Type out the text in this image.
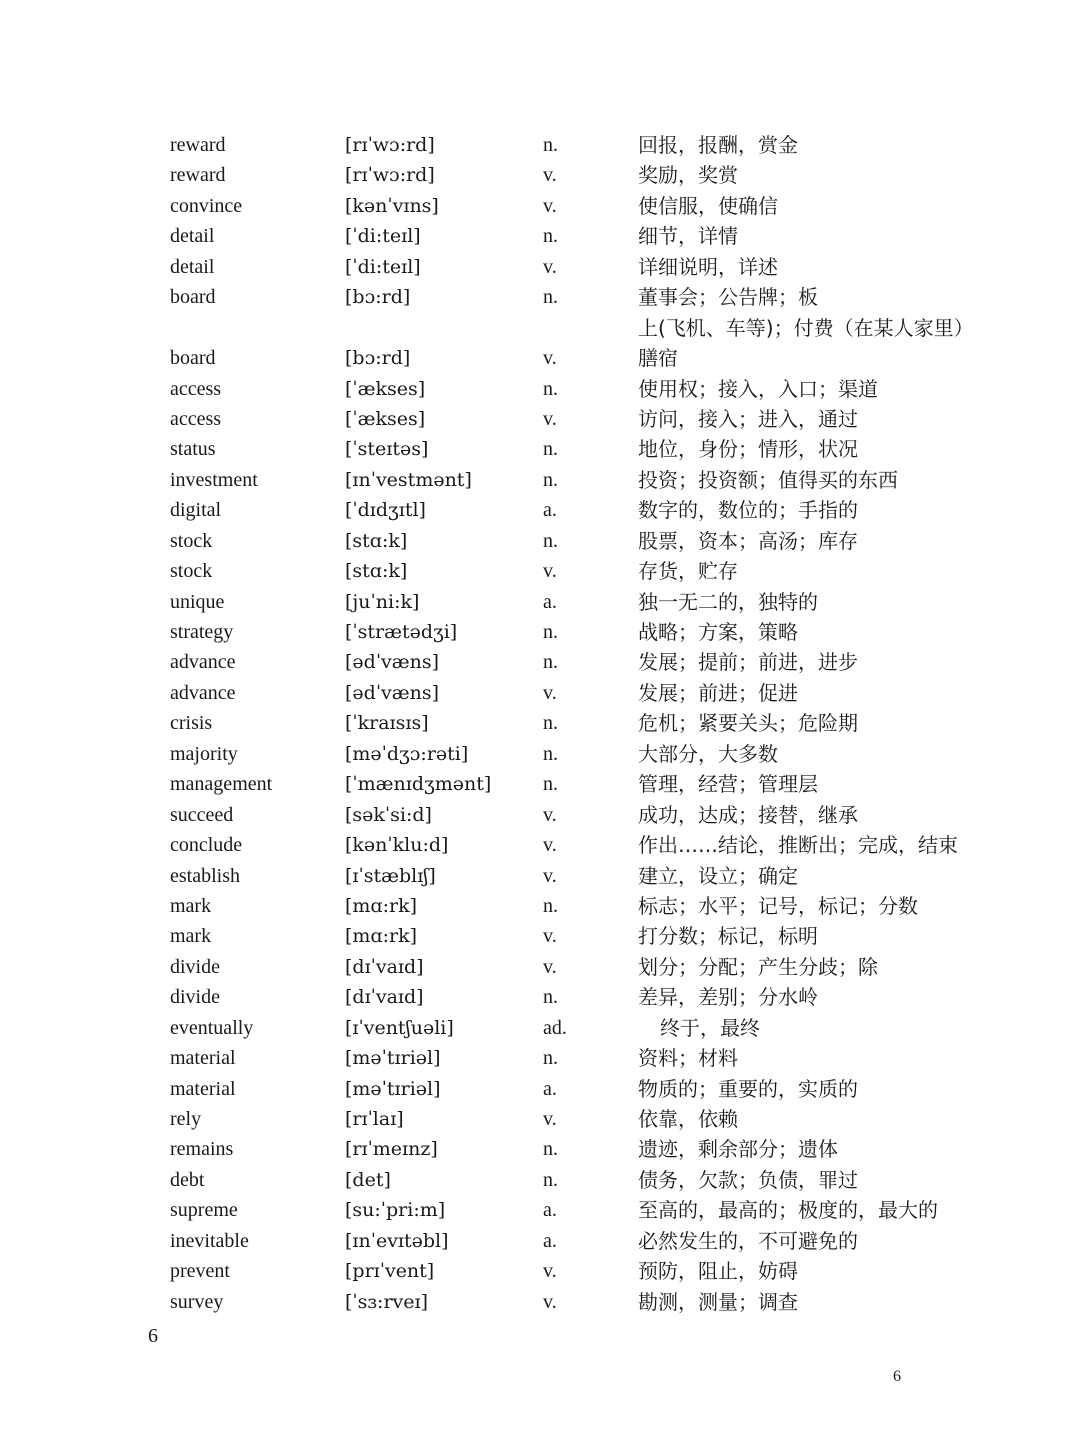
reward	[rɪˈwɔ:rd]	n.	回报，报酬，赏金
reward	[rɪˈwɔ:rd]	v.	奖励，奖赏
convince	[kənˈvɪns]	v.	使信服，使确信
detail	[ˈdi:teɪl]	n.	细节，详情
detail	[ˈdi:teɪl]	v.	详细说明，详述
board	[bɔ:rd]	n.	董事会；公告牌；板
上(飞机、车等)；付费（在某人家里）
board	[bɔ:rd]	v.	膳宿
access	[ˈækses]	n.	使用权；接入，入口；渠道
access	[ˈækses]	v.	访问，接入；进入，通过
status	[ˈsteɪtəs]	n.	地位，身份；情形，状况
investment	[ɪnˈvestmənt]	n.	投资；投资额；值得买的东西
digital	[ˈdɪdʒɪtl]	a.	数字的，数位的；手指的
stock	[stɑ:k]	n.	股票，资本；高汤；库存
stock	[stɑ:k]	v.	存货，贮存
unique	[juˈni:k]	a.	独一无二的，独特的
strategy	[ˈstrætədʒi]	n.	战略；方案，策略
advance	[ədˈvæns]	n.	发展；提前；前进，进步
advance	[ədˈvæns]	v.	发展；前进；促进
crisis	[ˈkraɪsɪs]	n.	危机；紧要关头；危险期
majority	[məˈdʒɔ:rəti]	n.	大部分，大多数
management	[ˈmænɪdʒmənt]	n.	管理，经营；管理层
succeed	[səkˈsi:d]	v.	成功，达成；接替，继承
conclude	[kənˈklu:d]	v.	作出……结论，推断出；完成，结束
establish	[ɪˈstæblɪʃ]	v.	建立，设立；确定
mark	[mɑ:rk]	n.	标志；水平；记号，标记；分数
mark	[mɑ:rk]	v.	打分数；标记，标明
divide	[dɪˈvaɪd]	v.	划分；分配；产生分歧；除
divide	[dɪˈvaɪd]	n.	差异，差别；分水岭
eventually	[ɪˈventʃuəli]	ad.	终于，最终
material	[məˈtɪriəl]	n.	资料；材料
material	[məˈtɪriəl]	a.	物质的；重要的，实质的
rely	[rɪˈlaɪ]	v.	依靠，依赖
remains	[rɪˈmeɪnz]	n.	遗迹，剩余部分；遗体
debt	[det]	n.	债务，欠款；负债，罪过
supreme	[su:ˈpri:m]	a.	至高的，最高的；极度的，最大的
inevitable	[ɪnˈevɪtəbl]	a.	必然发生的，不可避免的
prevent	[prɪˈvent]	v.	预防，阻止，妨碍
survey	[ˈsɜ:rveɪ]	v.	勘测，测量；调查
6
6
